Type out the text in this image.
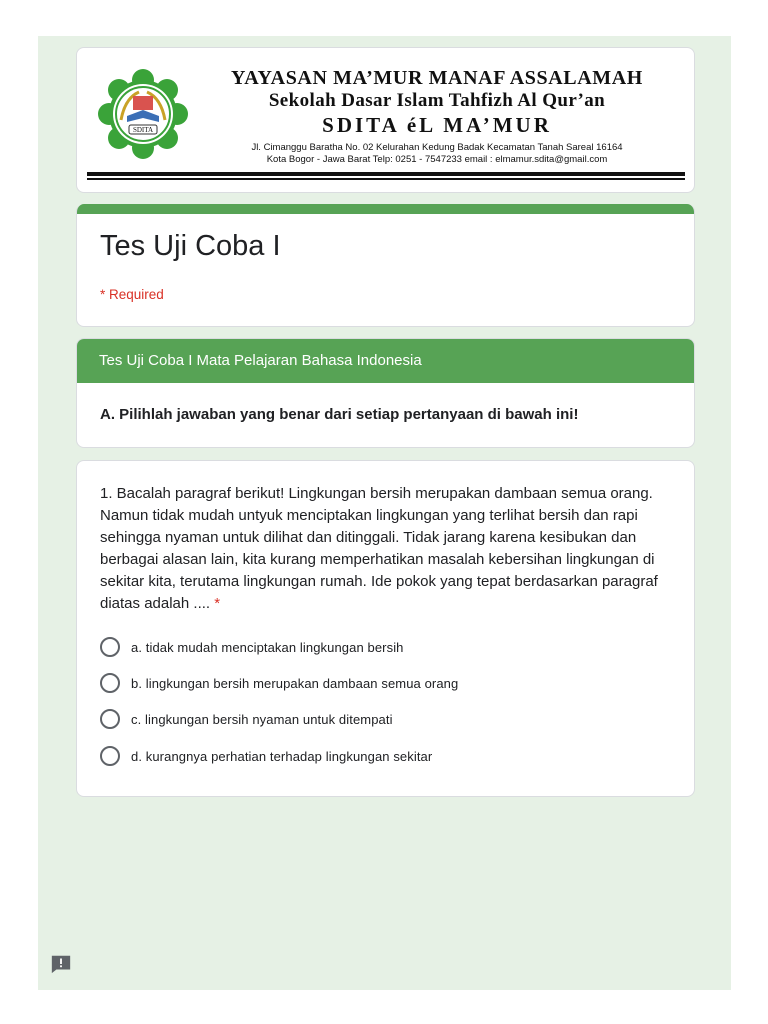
SDITA
YAYASAN MA’MUR MANAF ASSALAMAH
Sekolah Dasar Islam Tahfizh Al Qur’an
SDITA éL MA’MUR
Jl. Cimanggu Baratha No. 02 Kelurahan Kedung Badak Kecamatan Tanah Sareal 16164
Kota Bogor - Jawa Barat Telp: 0251 - 7547233 email : elmamur.sdita@gmail.com
Tes Uji Coba I
* Required
Tes Uji Coba I Mata Pelajaran Bahasa Indonesia
A. Pilihlah jawaban yang benar dari setiap pertanyaan di bawah ini!
1. Bacalah paragraf berikut! Lingkungan bersih merupakan dambaan semua orang. Namun tidak mudah untyuk menciptakan lingkungan yang terlihat bersih dan rapi sehingga nyaman untuk dilihat dan ditinggali. Tidak jarang karena kesibukan dan berbagai alasan lain, kita kurang memperhatikan masalah kebersihan lingkungan di sekitar kita, terutama lingkungan rumah. Ide pokok yang tepat berdasarkan paragraf diatas adalah .... *
a. tidak mudah menciptakan lingkungan bersih
b. lingkungan bersih merupakan dambaan semua orang
c. lingkungan bersih nyaman untuk ditempati
d. kurangnya perhatian terhadap lingkungan sekitar
